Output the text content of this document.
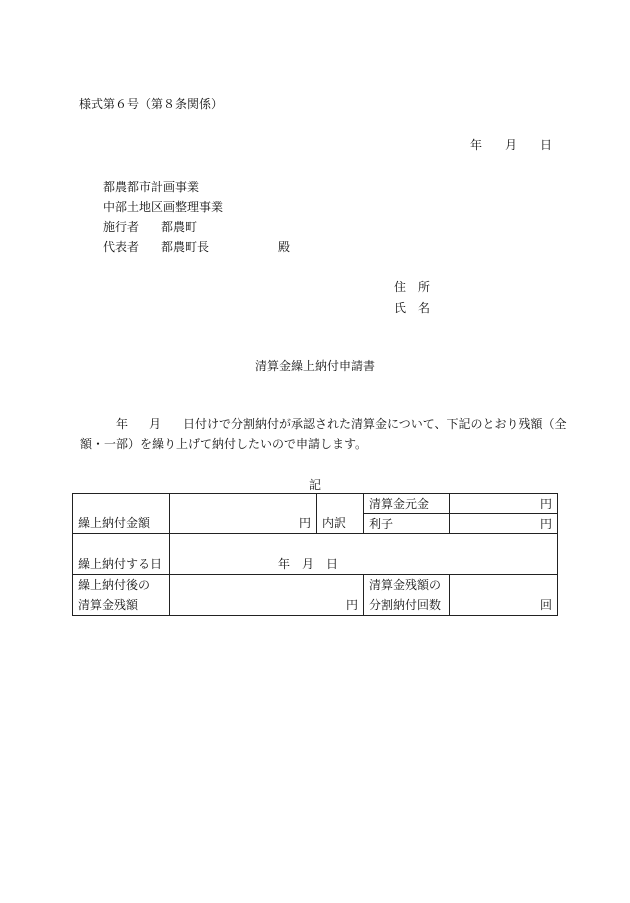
様式第６号（第８条関係）
年 月 日
都農都市計画事業
中部土地区画整理事業
施行者 都農町
代表者 都農町長	殿
住所
氏名
清算金繰上納付申請書
年 月 日付けで分割納付が承認された清算金について、下記のとおり残額（全
額・一部）を繰り上げて納付したいので申請します。
記
繰上納付金額	円	内訳	清算金元金	円
			利子	円
繰上納付する日	年　月　日			
繰上納付後の
清算金残額	円		清算金残額の
分割納付回数	回
